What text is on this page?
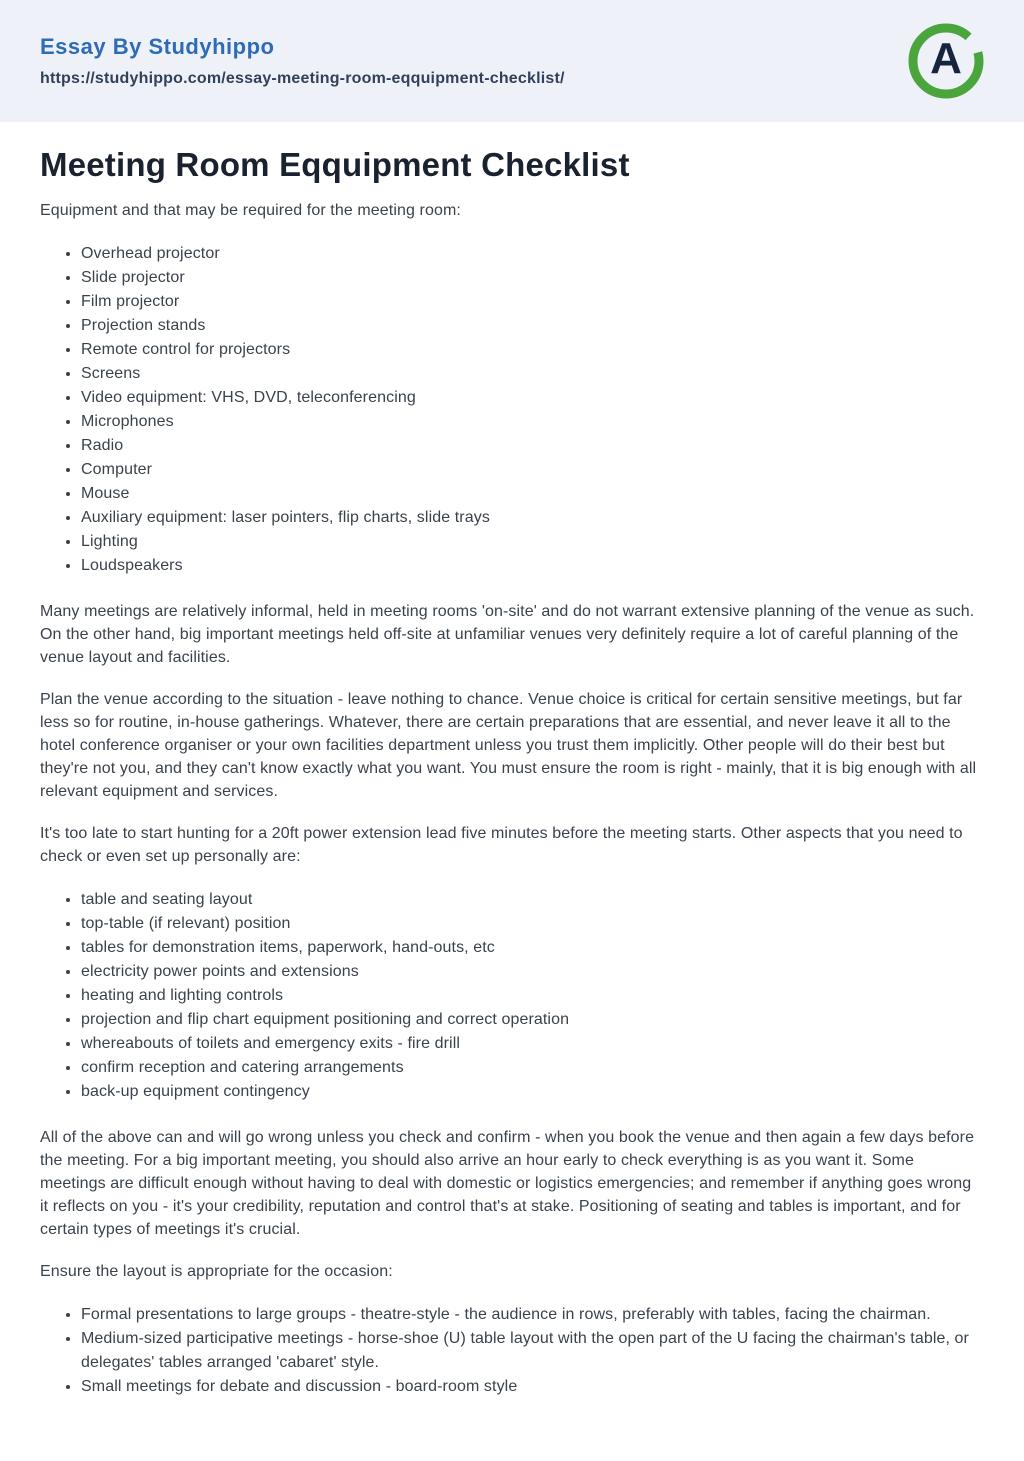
Essay By Studyhippo
https://studyhippo.com/essay-meeting-room-eqquipment-checklist/	A
Meeting Room Eqquipment Checklist

Equipment and that may be required for the meeting room:

• Overhead projector
• Slide projector
• Film projector
• Projection stands
• Remote control for projectors
• Screens
• Video equipment: VHS, DVD, teleconferencing
• Microphones
• Radio
• Computer
• Mouse
• Auxiliary equipment: laser pointers, flip charts, slide trays
• Lighting
• Loudspeakers

Many meetings are relatively informal, held in meeting rooms 'on-site' and do not warrant extensive planning of the venue as such. On the other hand, big important meetings held off-site at unfamiliar venues very definitely require a lot of careful planning of the venue layout and facilities.

Plan the venue according to the situation - leave nothing to chance. Venue choice is critical for certain sensitive meetings, but far less so for routine, in-house gatherings. Whatever, there are certain preparations that are essential, and never leave it all to the hotel conference organiser or your own facilities department unless you trust them implicitly. Other people will do their best but they're not you, and they can't know exactly what you want. You must ensure the room is right - mainly, that it is big enough with all relevant equipment and services.

It's too late to start hunting for a 20ft power extension lead five minutes before the meeting starts. Other aspects that you need to check or even set up personally are:

• table and seating layout
• top-table (if relevant) position
• tables for demonstration items, paperwork, hand-outs, etc
• electricity power points and extensions
• heating and lighting controls
• projection and flip chart equipment positioning and correct operation
• whereabouts of toilets and emergency exits - fire drill
• confirm reception and catering arrangements
• back-up equipment contingency

All of the above can and will go wrong unless you check and confirm - when you book the venue and then again a few days before the meeting. For a big important meeting, you should also arrive an hour early to check everything is as you want it. Some meetings are difficult enough without having to deal with domestic or logistics emergencies; and remember if anything goes wrong it reflects on you - it's your credibility, reputation and control that's at stake. Positioning of seating and tables is important, and for certain types of meetings it's crucial.

Ensure the layout is appropriate for the occasion:

• Formal presentations to large groups - theatre-style - the audience in rows, preferably with tables, facing the chairman.
• Medium-sized participative meetings - horse-shoe (U) table layout with the open part of the U facing the chairman's table, or delegates' tables arranged 'cabaret' style.
• Small meetings for debate and discussion - board-room style
